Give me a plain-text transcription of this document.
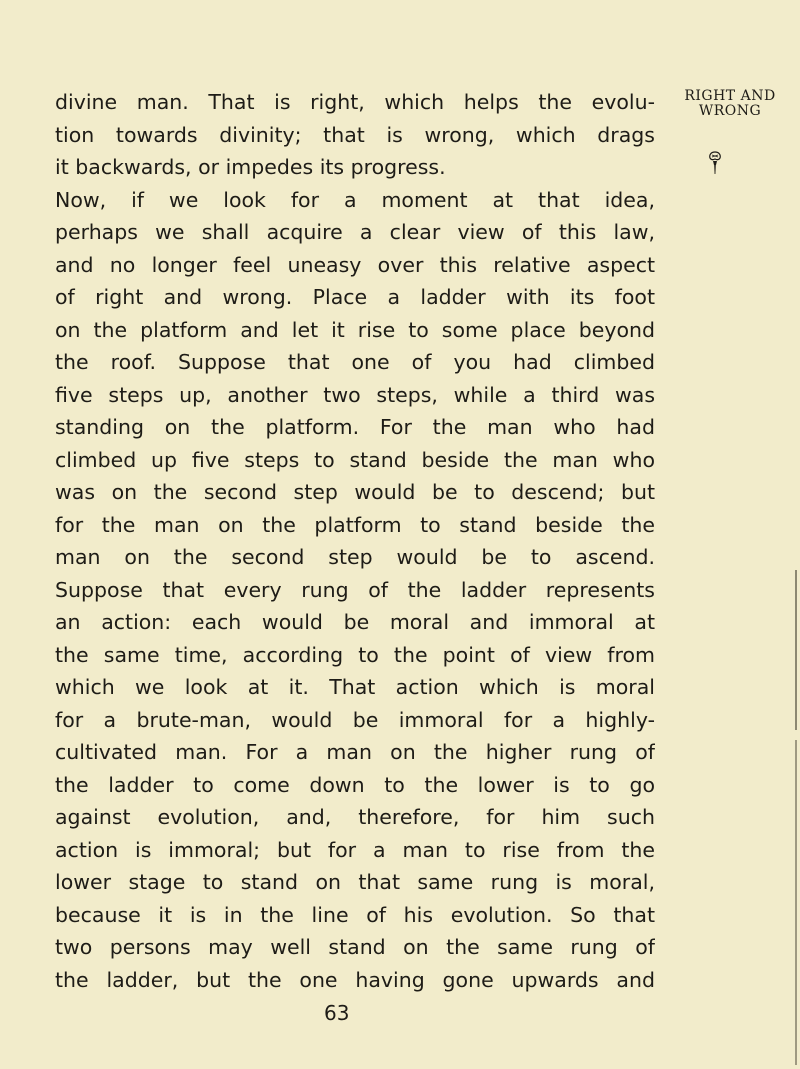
divine man. That is right, which helps the evolu-
tion towards divinity; that is wrong, which drags
it backwards, or impedes its progress.
Now, if we look for a moment at that idea,
perhaps we shall acquire a clear view of this law,
and no longer feel uneasy over this relative aspect
of right and wrong. Place a ladder with its foot
on the platform and let it rise to some place beyond
the roof. Suppose that one of you had climbed
five steps up, another two steps, while a third was
standing on the platform. For the man who had
climbed up five steps to stand beside the man who
was on the second step would be to descend; but
for the man on the platform to stand beside the
man on the second step would be to ascend.
Suppose that every rung of the ladder represents
an action: each would be moral and immoral at
the same time, according to the point of view from
which we look at it. That action which is moral
for a brute-man, would be immoral for a highly-
cultivated man. For a man on the higher rung of
the ladder to come down to the lower is to go
against evolution, and, therefore, for him such
action is immoral; but for a man to rise from the
lower stage to stand on that same rung is moral,
because it is in the line of his evolution. So that
two persons may well stand on the same rung of
the ladder, but the one having gone upwards and
RIGHT AND
WRONG
63
